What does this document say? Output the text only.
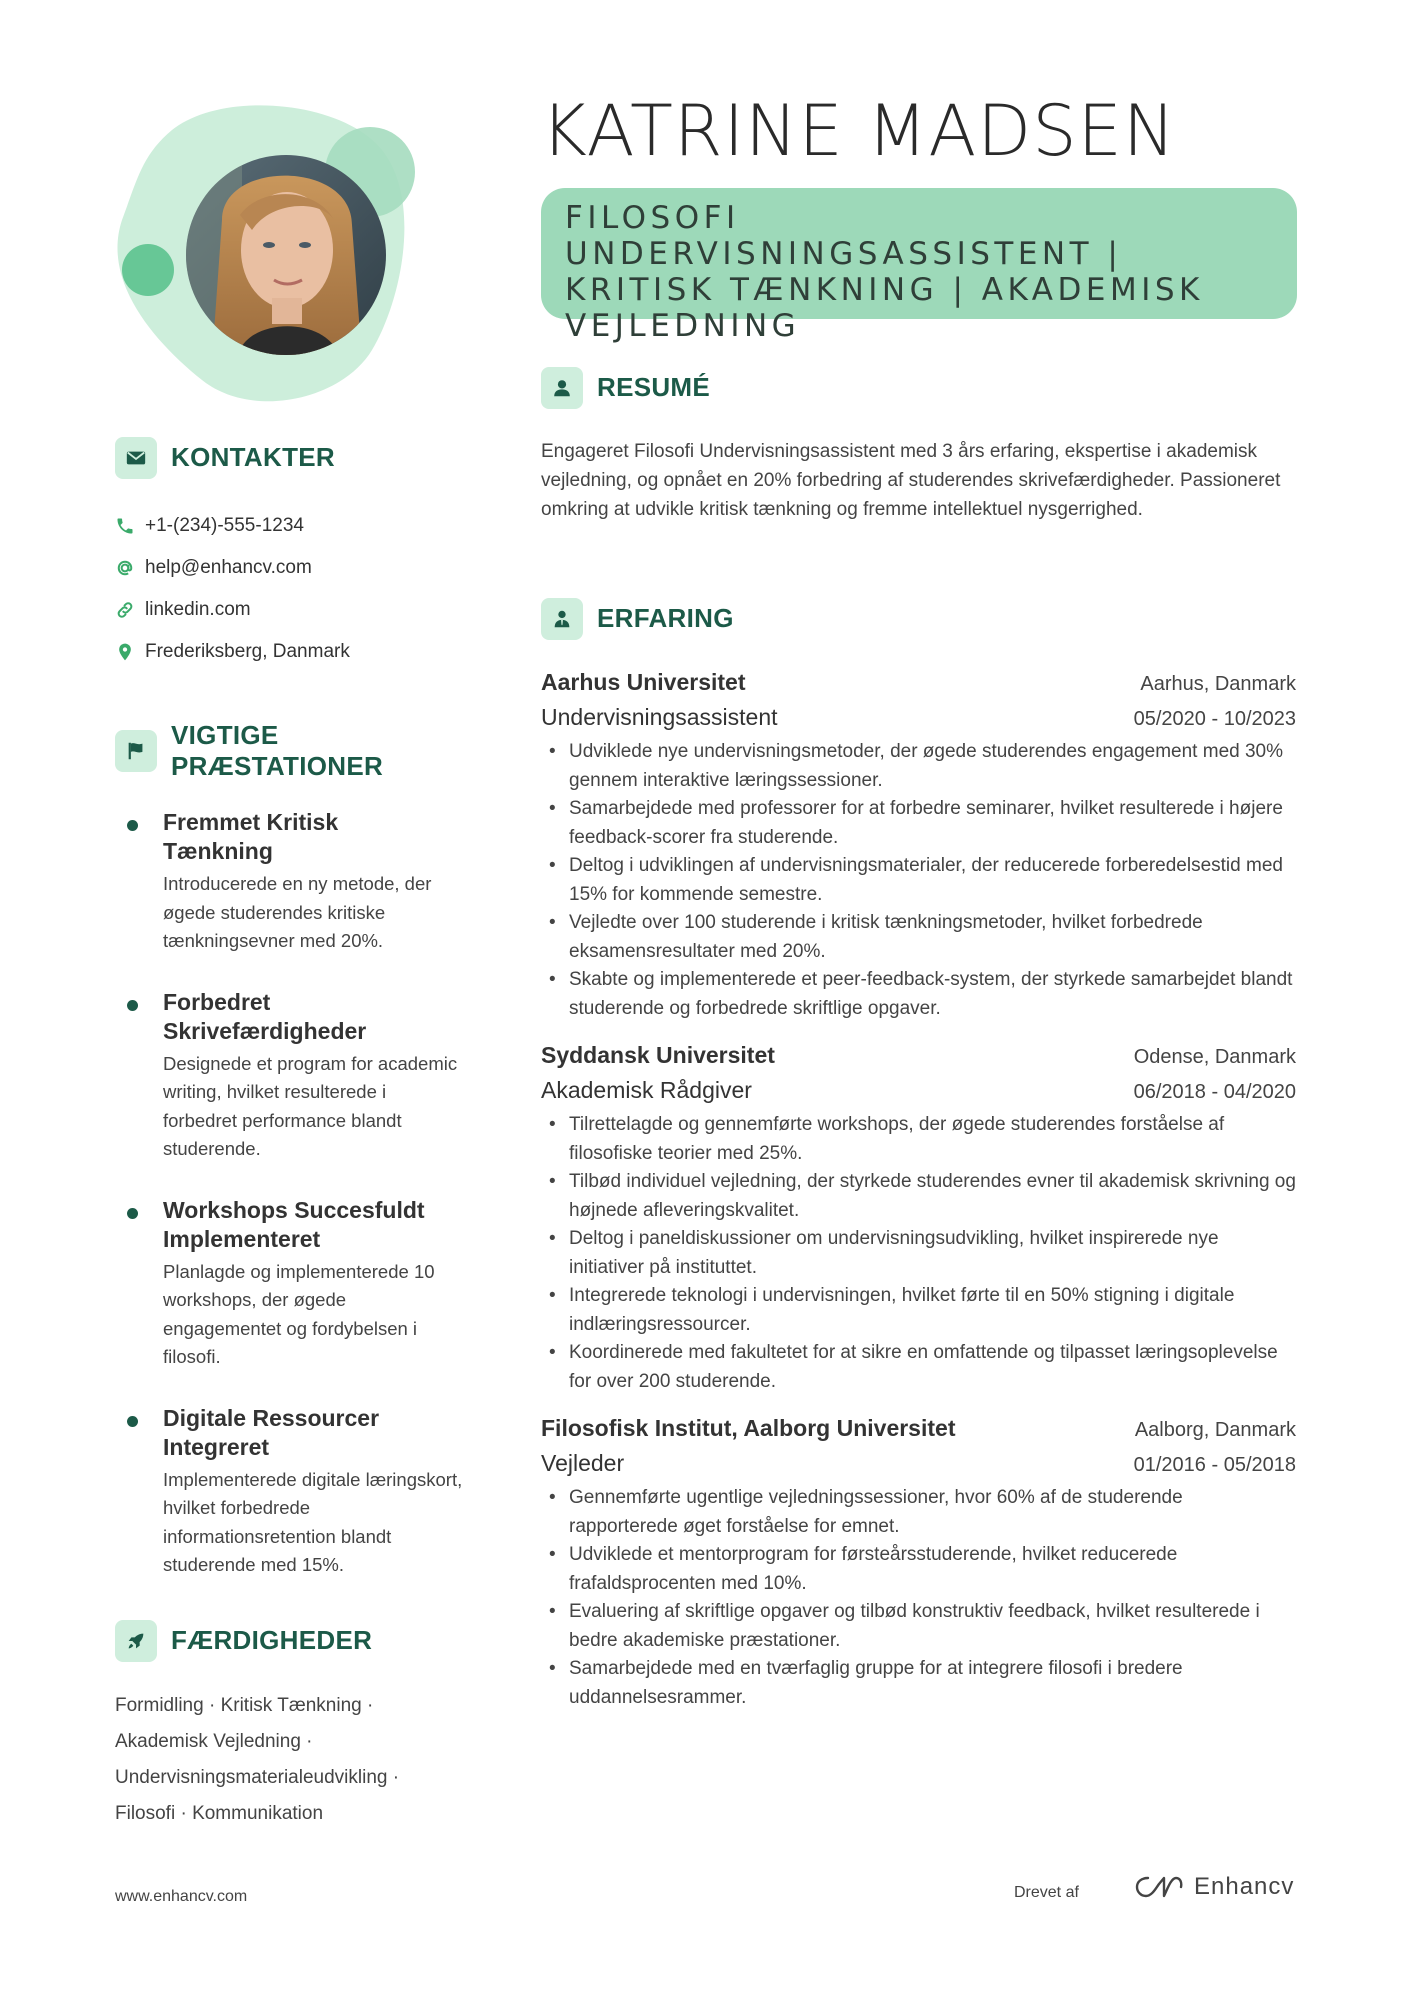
KATRINE MADSEN
FILOSOFI UNDERVISNINGSASSISTENT | KRITISK TÆNKNING | AKADEMISK VEJLEDNING
KONTAKTER
+1-(234)-555-1234
help@enhancv.com
linkedin.com
Frederiksberg, Danmark
VIGTIGE PRÆSTATIONER
Fremmet Kritisk Tænkning
Introducerede en ny metode, der øgede studerendes kritiske tænkningsevner med 20%.
Forbedret Skrivefærdigheder
Designede et program for academic writing, hvilket resulterede i forbedret performance blandt studerende.
Workshops Succesfuldt Implementeret
Planlagde og implementerede 10 workshops, der øgede engagementet og fordybelsen i filosofi.
Digitale Ressourcer Integreret
Implementerede digitale læringskort, hvilket forbedrede informationsretention blandt studerende med 15%.
FÆRDIGHEDER

Formidling · Kritisk Tænkning · Akademisk Vejledning · Undervisningsmaterialeudvikling · Filosofi · Kommunikation

RESUMÉ

Engageret Filosofi Undervisningsassistent med 3 års erfaring, ekspertise i akademisk vejledning, og opnået en 20% forbedring af studerendes skrivefærdigheder. Passioneret omkring at udvikle kritisk tænkning og fremme intellektuel nysgerrighed.

ERFARING
Aarhus Universitet	Aarhus, Danmark
Undervisningsassistent	05/2020 - 10/2023
• Udviklede nye undervisningsmetoder, der øgede studerendes engagement med 30% gennem interaktive læringssessioner.
• Samarbejdede med professorer for at forbedre seminarer, hvilket resulterede i højere feedback-scorer fra studerende.
• Deltog i udviklingen af undervisningsmaterialer, der reducerede forberedelsestid med 15% for kommende semestre.
• Vejledte over 100 studerende i kritisk tænkningsmetoder, hvilket forbedrede eksamensresultater med 20%.
• Skabte og implementerede et peer-feedback-system, der styrkede samarbejdet blandt studerende og forbedrede skriftlige opgaver.
Syddansk Universitet	Odense, Danmark
Akademisk Rådgiver	06/2018 - 04/2020
• Tilrettelagde og gennemførte workshops, der øgede studerendes forståelse af filosofiske teorier med 25%.
• Tilbød individuel vejledning, der styrkede studerendes evner til akademisk skrivning og højnede afleveringskvalitet.
• Deltog i paneldiskussioner om undervisningsudvikling, hvilket inspirerede nye initiativer på instituttet.
• Integrerede teknologi i undervisningen, hvilket førte til en 50% stigning i digitale indlæringsressourcer.
• Koordinerede med fakultetet for at sikre en omfattende og tilpasset læringsoplevelse for over 200 studerende.
Filosofisk Institut, Aalborg Universitet	Aalborg, Danmark
Vejleder	01/2016 - 05/2018
• Gennemførte ugentlige vejledningssessioner, hvor 60% af de studerende rapporterede øget forståelse for emnet.
• Udviklede et mentorprogram for førsteårsstuderende, hvilket reducerede frafaldsprocenten med 10%.
• Evaluering af skriftlige opgaver og tilbød konstruktiv feedback, hvilket resulterede i bedre akademiske præstationer.
• Samarbejdede med en tværfaglig gruppe for at integrere filosofi i bredere uddannelsesrammer.
www.enhancv.com	Drevet af	Enhancv
